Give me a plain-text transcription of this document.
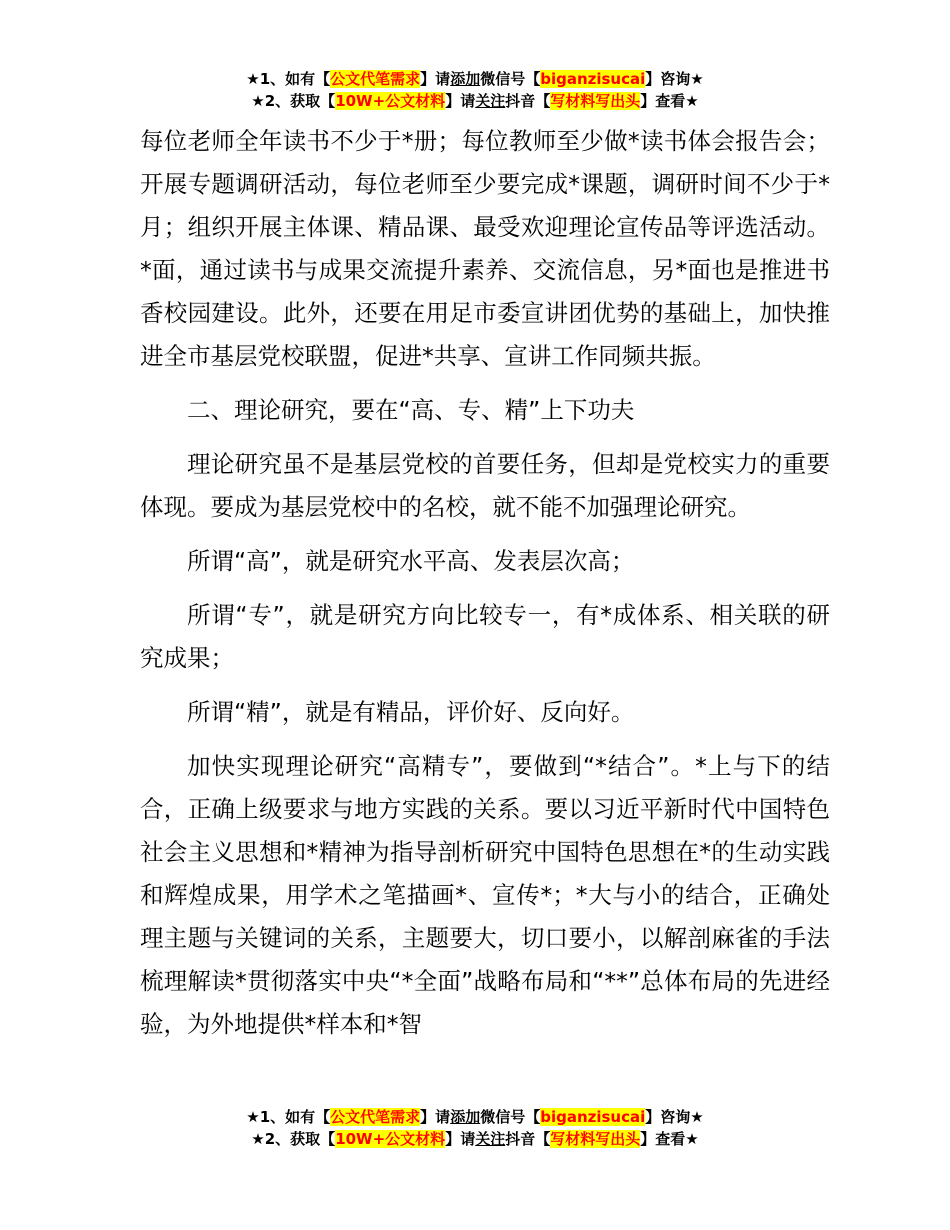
★1、如有【公文代笔需求】请添加微信号【biganzisucai】咨询★
★2、获取【10W+公文材料】请关注抖音【写材料写出头】查看★

每位老师全年读书不少于*册；每位教师至少做*读书体会报告会；开展专题调研活动，每位老师至少要完成*课题，调研时间不少于*月；组织开展主体课、精品课、最受欢迎理论宣传品等评选活动。*面，通过读书与成果交流提升素养、交流信息，另*面也是推进书香校园建设。此外，还要在用足市委宣讲团优势的基础上，加快推进全市基层党校联盟，促进*共享、宣讲工作同频共振。

二、理论研究，要在“高、专、精”上下功夫

理论研究虽不是基层党校的首要任务，但却是党校实力的重要体现。要成为基层党校中的名校，就不能不加强理论研究。

所谓“高”，就是研究水平高、发表层次高；

所谓“专”，就是研究方向比较专一，有*成体系、相关联的研究成果；

所谓“精”，就是有精品，评价好、反向好。

加快实现理论研究“高精专”，要做到“*结合”。*上与下的结合，正确上级要求与地方实践的关系。要以习近平新时代中国特色社会主义思想和*精神为指导剖析研究中国特色思想在*的生动实践和辉煌成果，用学术之笔描画*、宣传*；*大与小的结合，正确处理主题与关键词的关系，主题要大，切口要小，以解剖麻雀的手法梳理解读*贯彻落实中央“*全面”战略布局和“**”总体布局的先进经验，为外地提供*样本和*智

★1、如有【公文代笔需求】请添加微信号【biganzisucai】咨询★
★2、获取【10W+公文材料】请关注抖音【写材料写出头】查看★
